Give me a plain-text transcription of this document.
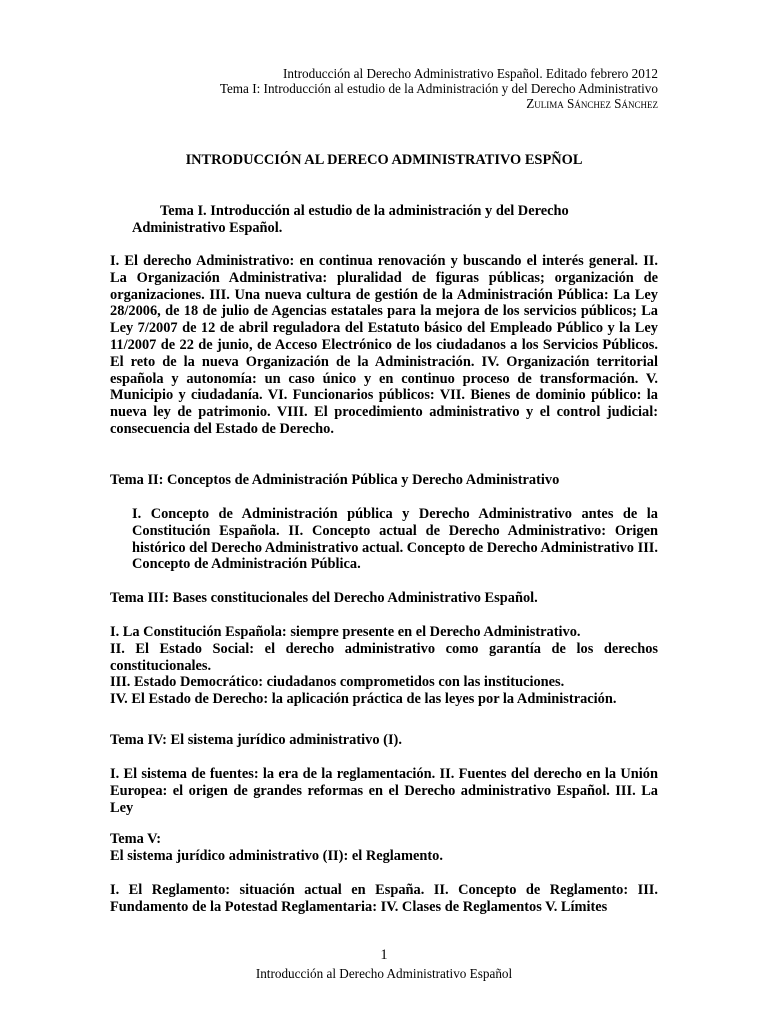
Introducción al Derecho Administrativo Español. Editado febrero 2012
Tema I: Introducción al estudio de la Administración y del Derecho Administrativo
Zulima Sánchez Sánchez
INTRODUCCIÓN AL DERECO ADMINISTRATIVO ESPÑOL
Tema I. Introducción al estudio de la administración y del Derecho
Administrativo Español.

I. El derecho Administrativo: en continua renovación y buscando el interés general. II. La Organización Administrativa: pluralidad de figuras públicas; organización de organizaciones. III. Una nueva cultura de gestión de la Administración Pública: La Ley 28/2006, de 18 de julio de Agencias estatales para la mejora de los servicios públicos; La Ley 7/2007 de 12 de abril reguladora del Estatuto básico del Empleado Público y la Ley 11/2007 de 22 de junio, de Acceso Electrónico de los ciudadanos a los Servicios Públicos. El reto de la nueva Organización de la Administración. IV. Organización territorial española y autonomía: un caso único y en continuo proceso de transformación. V. Municipio y ciudadanía. VI. Funcionarios públicos: VII. Bienes de dominio público: la nueva ley de patrimonio. VIII. El procedimiento administrativo y el control judicial: consecuencia del Estado de Derecho.

Tema II: Conceptos de Administración Pública y Derecho Administrativo

I. Concepto de Administración pública y Derecho Administrativo antes de la Constitución Española. II. Concepto actual de Derecho Administrativo: Origen histórico del Derecho Administrativo actual. Concepto de Derecho Administrativo III. Concepto de Administración Pública.

Tema III: Bases constitucionales del Derecho Administrativo Español.

I. La Constitución Española: siempre presente en el Derecho Administrativo.

II. El Estado Social: el derecho administrativo como garantía de los derechos constitucionales.

III. Estado Democrático: ciudadanos comprometidos con las instituciones.

IV. El Estado de Derecho: la aplicación práctica de las leyes por la Administración.

Tema IV: El sistema jurídico administrativo (I).

I. El sistema de fuentes: la era de la reglamentación. II. Fuentes del derecho en la Unión Europea: el origen de grandes reformas en el Derecho administrativo Español. III. La Ley

Tema V:

El sistema jurídico administrativo (II): el Reglamento.

I. El Reglamento: situación actual en España. II. Concepto de Reglamento: III. Fundamento de la Potestad Reglamentaria: IV. Clases de Reglamentos V. Límites

1
Introducción al Derecho Administrativo Español
